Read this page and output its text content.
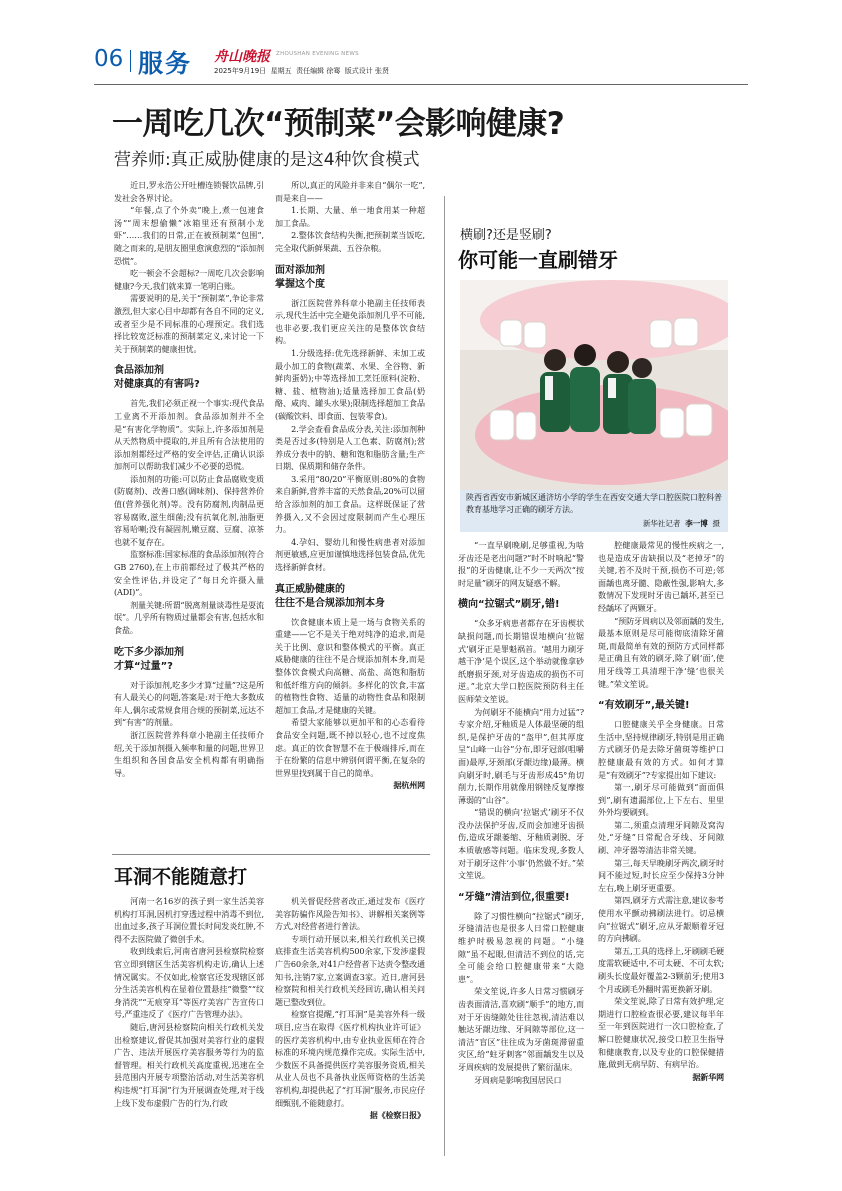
06 服务 舟山晚报 ZHOUSHAN EVENING NEWS
2025年9月19日 星期五 责任编辑 徐骞 版式设计 张贤
一周吃几次“预制菜”会影响健康?
营养师:真正威胁健康的是这4种饮食模式

近日,罗永浩公开吐槽连锁餐饮品牌,引发社会各界讨论。

“年餐,点了个外卖”晚上,煮一包速食汤”“周末想偷懒”冰箱里还有预制小龙虾”……我们的日常,正在被预制菜“包围”,随之而来的,是朋友圈里愈演愈烈的“添加剂恐慌”。

吃一顿会不会超标?一周吃几次会影响健康?今天,我们就来算一笔明白账。

需要说明的是,关于“预制菜”,争论非常激烈,但大家心目中却都有各自不同的定义,或者至少是不同标准的心理预定。我们选择比较宽泛标准的预制菜定义,来讨论一下关于预制菜的健康担忧。

食品添加剂
对健康真的有害吗?

首先,我们必须正视一个事实:现代食品工业离不开添加剂。食品添加剂并不全是“有害化学物质”。实际上,许多添加剂是从天然物质中提取的,并且所有合法使用的添加剂都经过严格的安全评估,正确认识添加剂可以帮助我们减少不必要的恐慌。

添加剂的功能:可以防止食品腐败变质(防腐剂)、改善口感(调味剂)、保持营养价值(营养强化剂)等。没有防腐剂,肉制品更容易腐败,滋生细菌;没有抗氧化剂,油脂更容易哈喇;没有凝固剂,嫩豆腐、豆腐、凉茶也就不复存在。

监察标准:国家标准的食品添加剂(符合GB 2760),在上市前都经过了极其严格的安全性评估,并设定了“每日允许摄入量(ADI)”。

剂量关键:所谓“脱离剂量谈毒性是耍流氓”。几乎所有物质过量都会有害,包括水和食盐。

吃下多少添加剂
才算“过量”?

对于添加剂,吃多少才算“过量”?这是所有人最关心的问题,答案是:对于绝大多数成年人,偶尔或常规食用合规的预制菜,远达不到“有害”的剂量。

浙江医院营养科章小艳副主任技师介绍,关于添加剂摄入频率和量的问题,世界卫生组织和各国食品安全机构都有明确指导。

所以,真正的风险并非来自“偶尔一吃”,而是来自——

1.长期、大量、单一地食用某一种超加工食品。

2.整体饮食结构失衡,把预制菜当饭吃,完全取代新鲜果蔬、五谷杂粮。

面对添加剂
掌握这个度

浙江医院营养科章小艳副主任技师表示,现代生活中完全避免添加剂几乎不可能,也非必要,我们更应关注的是整体饮食结构。

1.分级选择:优先选择新鲜、未加工或最小加工的食物(蔬菜、水果、全谷物、新鲜肉蛋奶);中等选择加工烹饪原料(淀粉、糖、盐、植物油);适量选择加工食品(奶酪、咸肉、罐头水果);限制选择超加工食品(碳酸饮料、即食面、包装零食)。

2.学会查看食品成分表,关注:添加剂种类是否过多(特别是人工色素、防腐剂);营养成分表中的钠、糖和饱和脂肪含量;生产日期、保质期和储存条件。

3.采用“80/20”平衡原则:80%的食物来自新鲜,营养丰富的天然食品,20%可以留给含添加剂的加工食品。这样既保证了营养摄入,又不会因过度限制而产生心理压力。

4.孕妇、婴幼儿和慢性病患者对添加剂更敏感,应更加谨慎地选择包装食品,优先选择新鲜食材。

真正威胁健康的
往往不是合规添加剂本身

饮食健康本质上是一场与食物关系的重建——它不是关于绝对纯净的追求,而是关于比例、意识和整体模式的平衡。真正威胁健康的往往不是合规添加剂本身,而是整体饮食模式向高糖、高盐、高饱和脂肪和低纤维方向的倾斜。多样化的饮食,丰富的植物性食物、适量的动物性食品和限制超加工食品,才是健康的关键。

希望大家能够以更加平和的心态看待食品安全问题,既不掉以轻心,也不过度焦虑。真正的饮食智慧不在于极端排斥,而在于在纷繁的信息中辨别何谓平衡,在复杂的世界里找到属于自己的简单。

据杭州网

横刷?还是竖刷?
你可能一直刷错牙
陕西省西安市新城区通济坊小学的学生在西安交通大学口腔医院口腔科普教育基地学习正确的刷牙方法。
新华社记者 李一博 摄

“一直早刷晚刷,足够重视,为啥牙齿还是老出问题?”时不时响起“警报”的牙齿健康,让不少一天两次“按时足量”刷牙的网友疑惑不解。

横向“拉锯式”刷牙,错!

“众多牙病患者都存在牙齿楔状缺损问题,而长期错误地横向‘拉锯式’刷牙正是罪魁祸首。‘越用力刷牙越干净’是个误区,这个举动就像拿砂纸磨损牙颈,对牙齿造成的损伤不可逆。”北京大学口腔医院预防科主任医师荣文笙说。

为何刷牙不能横向“用力过猛”?专家介绍,牙釉质是人体最坚硬的组织,是保护牙齿的“盔甲”,但其厚度呈“山峰一山谷”分布,即牙冠部(咀嚼面)最厚,牙颈部(牙龈边缘)最薄。横向刷牙时,刷毛与牙齿形成45°角切削力,长期作用就像用钢锉反复摩擦薄弱的“山谷”。

“错误的横向‘拉锯式’刷牙不仅没办法保护牙齿,反而会加速牙齿损伤,造成牙龈萎缩、牙釉质剥脱、牙本质敏感等问题。临床发现,多数人对于刷牙这件‘小事’仍然做不好。”荣文笙说。

“牙缝”清洁到位,很重要!

除了习惯性横向“拉锯式”刷牙,牙缝清洁也是很多人日常口腔健康维护时极易忽视的问题。“小缝隙”虽不起眼,但清洁不到位的话,完全可能会给口腔健康带来“大隐患”。

荣文笙说,许多人日常习惯刷牙齿表面清洁,喜欢刷“顺手”的地方,而对于牙齿缝隙处往往忽视,清洁难以触达牙龈边缘、牙间隙等部位,这一清洁“盲区”往往成为牙菌斑滞留重灾区,给“蛀牙刺客”邻面龋发生以及牙周疾病的发展提供了繁衍温床。

牙周病是影响我国居民口

腔健康最常见的慢性疾病之一,也是造成牙齿缺损以及“老掉牙”的关键,若不及时干预,损伤不可逆;邻面龋也离牙髓、隐蔽性强,影响大,多数情况下发现时牙齿已龋坏,甚至已经龋坏了两颗牙。

“预防牙周病以及邻面龋的发生,最基本原则是尽可能彻底清除牙菌斑,而最简单有效的预防方式同样都是正确且有效的刷牙,除了刷‘面’,使用牙线等工具清理干净‘缝’也很关键。”荣文笙说。

“有效刷牙”,最关键!

口腔健康关乎全身健康。日常生活中,坚持规律刷牙,特别是用正确方式刷牙仍是去除牙菌斑等维护口腔健康最有效的方式。如何才算是“有效刷牙”?专家提出如下建议:

第一,刷牙尽可能做到“面面俱到”,刷有遗漏部位,上下左右、里里外外均要刷到。

第二,须重点清理牙间隙及窝沟处,“牙缝”日常配合牙线、牙间隙刷、冲牙器等清洁非常关键。

第三,每天早晚刷牙两次,刷牙时间不能过短,时长应至少保持3分钟左右,晚上刷牙更重要。

第四,刷牙方式需注意,建议参考使用水平颤动拂刷法进行。切忌横向“拉锯式”刷牙,应从牙龈顺着牙冠的方向拂刷。

第五,工具的选择上,牙刷刷毛硬度需软硬适中,不可太硬、不可太软;刷头长度最好覆盖2-3颗前牙;使用3个月或刷毛外翻时需更换新牙刷。

荣文笙说,除了日常有效护理,定期进行口腔检查很必要,建议每半年至一年到医院进行一次口腔检查,了解口腔健康状况,接受口腔卫生指导和健康教育,以及专业的口腔保健措施,做到无病早防、有病早治。

据新华网

耳洞不能随意打

河南一名16岁的孩子到一家生活美容机构打耳洞,因机打穿透过程中消毒不到位,出血过多,孩子耳洞位置长时间发炎红肿,不得不去医院做了微创手术。

收到线索后,河南省唐河县检察院检察官立即到辖区生活美容机构走访,确认上述情况属实。不仅如此,检察官还发现辖区部分生活美容机构在显着位置悬挂“微整”“纹身消洗”“无痕穿耳”等医疗美容广告宣传口号,严重违反了《医疗广告管理办法》。

随后,唐河县检察院向相关行政机关发出检察建议,督促其加强对美容行业的虚假广告、违法开展医疗美容服务等行为的监督管理。相关行政机关高度重视,迅速在全县范围内开展专项整治活动,对生活美容机构违规“打耳洞”行为开展调查处理,对于线上线下发布虚假广告的行为,行政

机关督促经营者改正,通过发布《医疗美容防骗作风险告知书》、讲解相关案例等方式,对经营者进行普法。

专项行动开展以来,相关行政机关已摸底排查生活美容机构500余家,下发涉虚假广告60余条,对41户经营者下达责令整改通知书,注销7家,立案调查3家。近日,唐河县检察院和相关行政机关经回访,确认相关问题已整改到位。

检察官提醒,“打耳洞”是美容外科一级项目,应当在取得《医疗机构执业许可证》的医疗美容机构中,由专业执业医师在符合标准的环境内规范操作完成。实际生活中,少数医不具备提供医疗美容服务资质,相关从业人员也不具备执业医师资格的生活美容机构,却提供起了“打耳洞”服务,市民应仔细甄别,不能随意打。

据《检察日报》
